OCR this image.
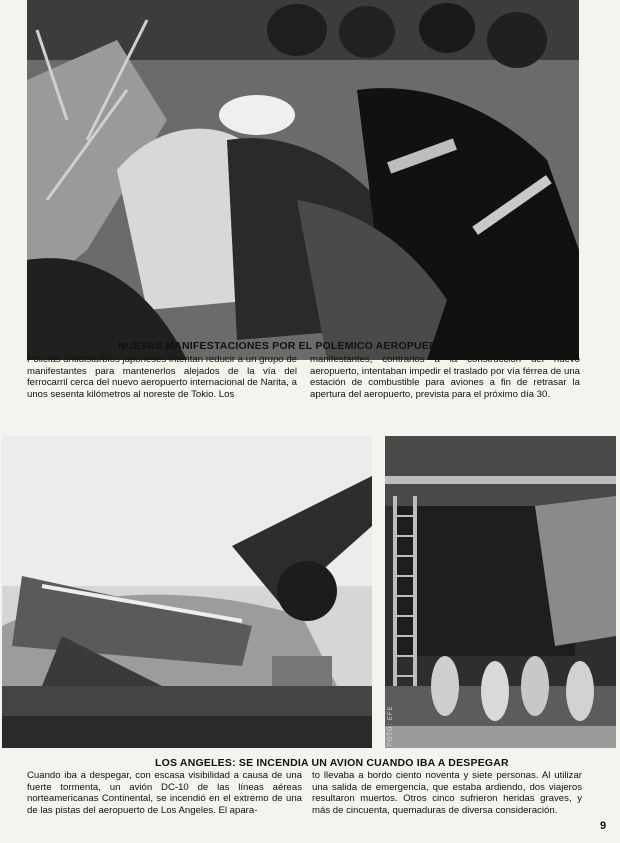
NUEVAS MANIFESTACIONES POR EL POLEMICO AEROPUERTO JAPONES DE NARITA
Policías antidisturbios japoneses intentan reducir a un grupo de manifestantes para mantenerlos alejados de la vía del ferrocarril cerca del nuevo aeropuerto internacional de Narita, a unos sesenta kilómetros al noreste de Tokio. Los
manifestantes, contrarios a la construcción del nuevo aeropuerto, intentaban impedir el traslado por vía férrea de una estación de combustible para aviones a fin de retrasar la apertura del aeropuerto, prevista para el próximo día 30.
FOTO: EFE
LOS ANGELES: SE INCENDIA UN AVION CUANDO IBA A DESPEGAR
Cuando iba a despegar, con escasa visibilidad a causa de una fuerte tormenta, un avión DC-10 de las líneas aéreas norteamericanas Continental, se incendió en el extremo de una de las pistas del aeropuerto de Los Angeles. El apara-
to llevaba a bordo ciento noventa y siete personas. Al utilizar una salida de emergencia, que estaba ardiendo, dos viajeros resultaron muertos. Otros cinco sufrieron heridas graves, y más de cincuenta, quemaduras de diversa consideración.
9
